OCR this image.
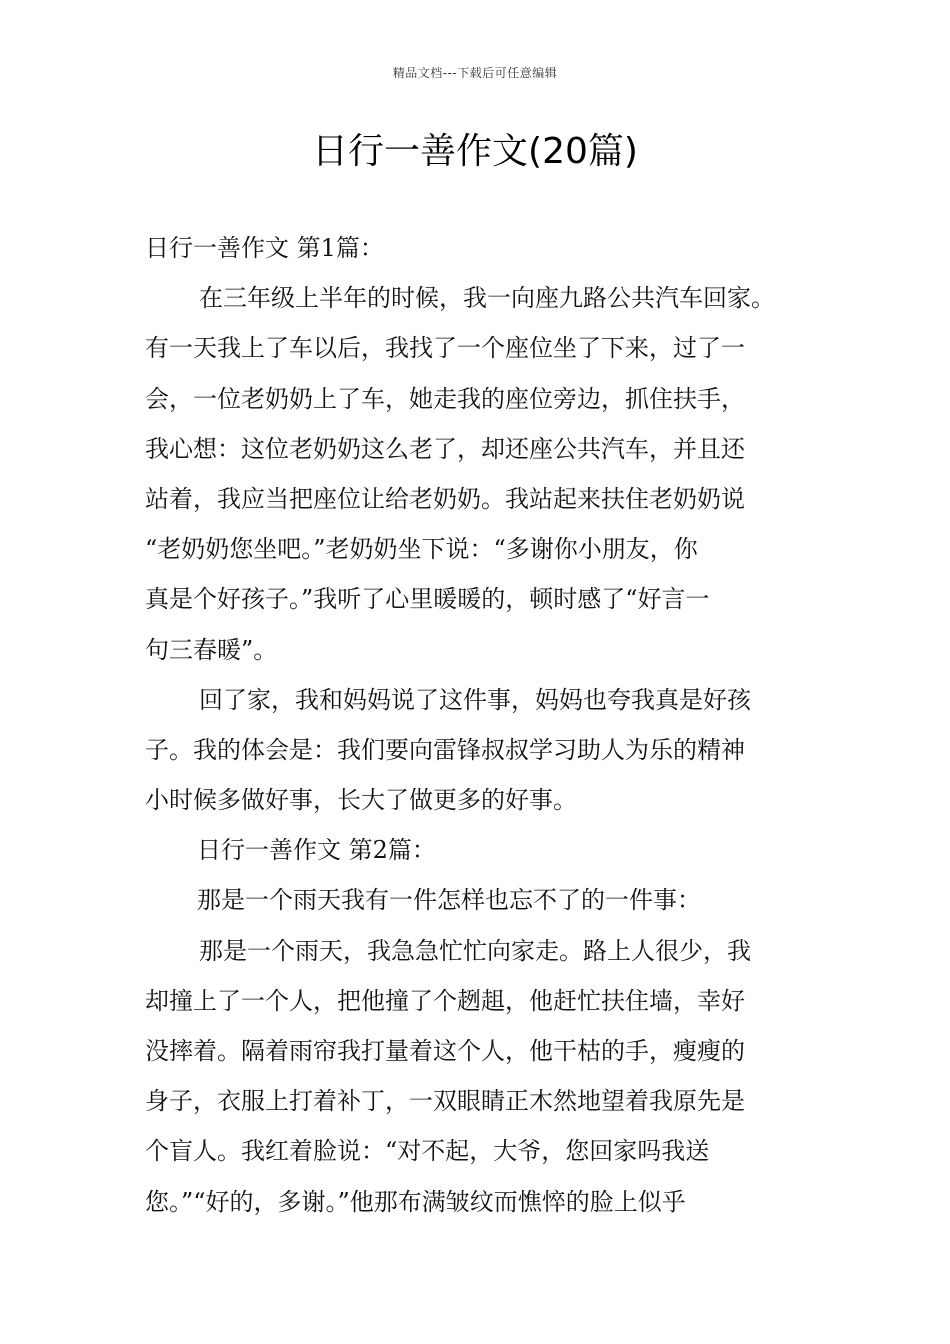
精品文档---下载后可任意编辑
日行一善作文(20篇)
日行一善作文 第1篇：
在三年级上半年的时候，我一向座九路公共汽车回家。
有一天我上了车以后，我找了一个座位坐了下来，过了一
会，一位老奶奶上了车，她走我的座位旁边，抓住扶手，
我心想：这位老奶奶这么老了，却还座公共汽车，并且还
站着，我应当把座位让给老奶奶。我站起来扶住老奶奶说
“老奶奶您坐吧。”老奶奶坐下说：“多谢你小朋友，你
真是个好孩子。”我听了心里暖暖的，顿时感了“好言一
句三春暖”。
回了家，我和妈妈说了这件事，妈妈也夸我真是好孩
子。我的体会是：我们要向雷锋叔叔学习助人为乐的精神
小时候多做好事，长大了做更多的好事。
日行一善作文 第2篇：
那是一个雨天我有一件怎样也忘不了的一件事：
那是一个雨天，我急急忙忙向家走。路上人很少，我
却撞上了一个人，把他撞了个趔趄，他赶忙扶住墙，幸好
没摔着。隔着雨帘我打量着这个人，他干枯的手，瘦瘦的
身子，衣服上打着补丁，一双眼睛正木然地望着我原先是
个盲人。我红着脸说：“对不起，大爷，您回家吗我送
您。”“好的，多谢。”他那布满皱纹而憔悴的脸上似乎
